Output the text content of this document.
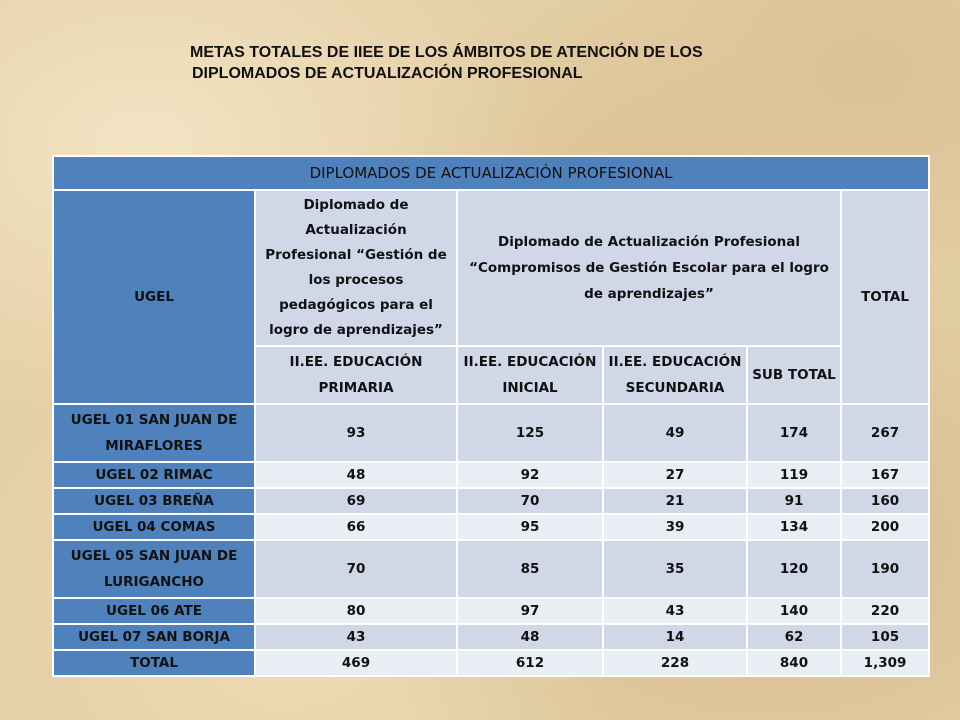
METAS TOTALES DE IIEE DE LOS ÁMBITOS DE ATENCIÓN DE LOS
DIPLOMADOS DE ACTUALIZACIÓN PROFESIONAL
DIPLOMADOS DE ACTUALIZACIÓN PROFESIONAL					
UGEL	Diplomado de Actualización Profesional “Gestión de los procesos pedagógicos para el logro de aprendizajes”	Diplomado de Actualización Profesional “Compromisos de Gestión Escolar para el logro de aprendizajes”			TOTAL
	II.EE. EDUCACIÓN PRIMARIA	II.EE. EDUCACIÓN INICIAL	II.EE. EDUCACIÓN SECUNDARIA	SUB TOTAL	
UGEL 01 SAN JUAN DE MIRAFLORES	93	125	49	174	267
UGEL 02 RIMAC	48	92	27	119	167
UGEL 03 BREÑA	69	70	21	91	160
UGEL 04 COMAS	66	95	39	134	200
UGEL 05 SAN JUAN DE LURIGANCHO	70	85	35	120	190
UGEL 06 ATE	80	97	43	140	220
UGEL 07 SAN BORJA	43	48	14	62	105
TOTAL	469	612	228	840	1,309
